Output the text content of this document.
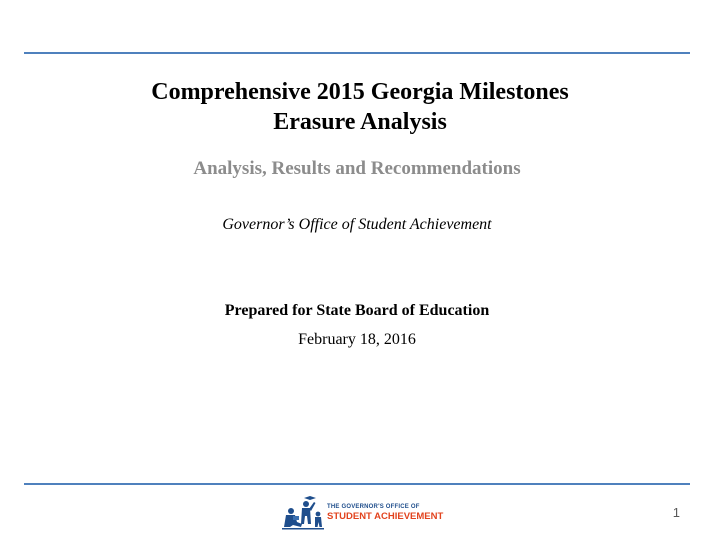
Comprehensive 2015 Georgia Milestones
Erasure Analysis
Analysis, Results and Recommendations
Governor’s Office of Student Achievement
Prepared for State Board of Education
February 18, 2016
THE GOVERNOR'S OFFICE OF
STUDENT ACHIEVEMENT	1
